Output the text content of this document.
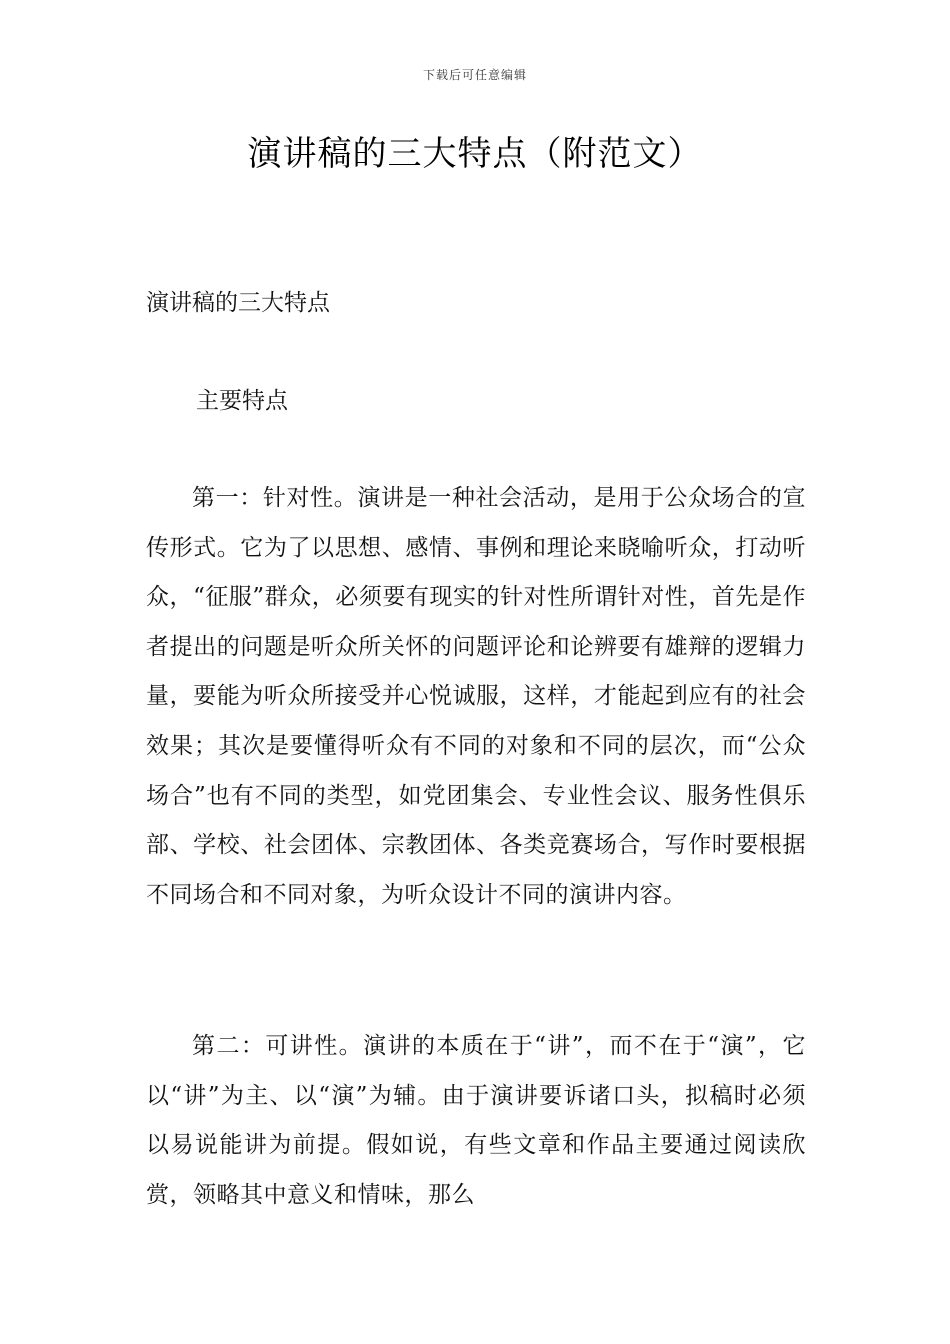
下载后可任意编辑
演讲稿的三大特点（附范文）
演讲稿的三大特点
主要特点

第一：针对性。演讲是一种社会活动，是用于公众场合的宣传形式。它为了以思想、感情、事例和理论来晓喻听众，打动听众，“征服”群众，必须要有现实的针对性所谓针对性，首先是作者提出的问题是听众所关怀的问题评论和论辨要有雄辩的逻辑力量，要能为听众所接受并心悦诚服，这样，才能起到应有的社会效果；其次是要懂得听众有不同的对象和不同的层次，而“公众场合”也有不同的类型，如党团集会、专业性会议、服务性俱乐部、学校、社会团体、宗教团体、各类竞赛场合，写作时要根据不同场合和不同对象，为听众设计不同的演讲内容。

第二：可讲性。演讲的本质在于“讲”，而不在于“演”，它以“讲”为主、以“演”为辅。由于演讲要诉诸口头，拟稿时必须以易说能讲为前提。假如说，有些文章和作品主要通过阅读欣赏，领略其中意义和情味，那么
